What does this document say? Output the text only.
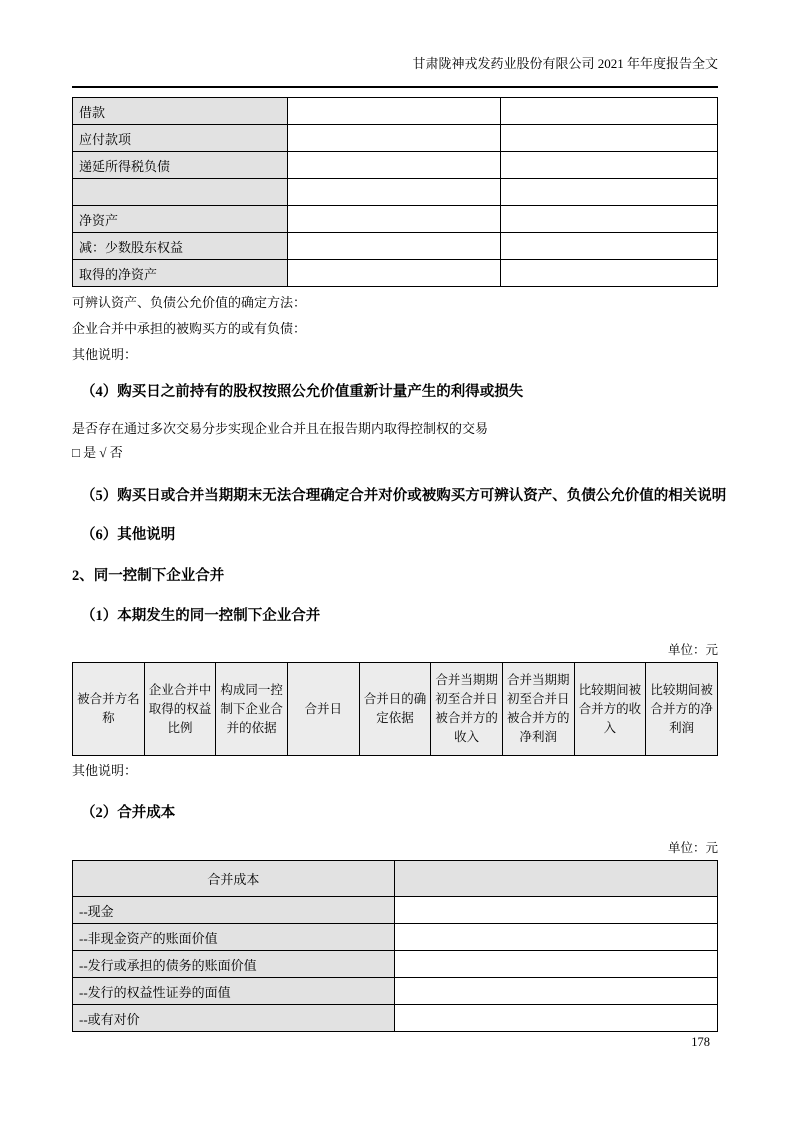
甘肃陇神戎发药业股份有限公司 2021 年年度报告全文
借款		
应付款项		
递延所得税负债		

净资产		
减：少数股东权益		
取得的净资产		

可辨认资产、负债公允价值的确定方法：

企业合并中承担的被购买方的或有负债：

其他说明：

（4）购买日之前持有的股权按照公允价值重新计量产生的利得或损失
是否存在通过多次交易分步实现企业合并且在报告期内取得控制权的交易
□ 是 √ 否
（5）购买日或合并当期期末无法合理确定合并对价或被购买方可辨认资产、负债公允价值的相关说明
（6）其他说明
2、同一控制下企业合并
（1）本期发生的同一控制下企业合并
单位：元
被合并方名称	企业合并中取得的权益比例	构成同一控制下企业合并的依据	合并日	合并日的确定依据	合并当期期初至合并日被合并方的收入	合并当期期初至合并日被合并方的净利润	比较期间被合并方的收入	比较期间被合并方的净利润
其他说明：
（2）合并成本
单位：元
合并成本	
--现金	
--非现金资产的账面价值	
--发行或承担的债务的账面价值	
--发行的权益性证券的面值	
--或有对价	
178
